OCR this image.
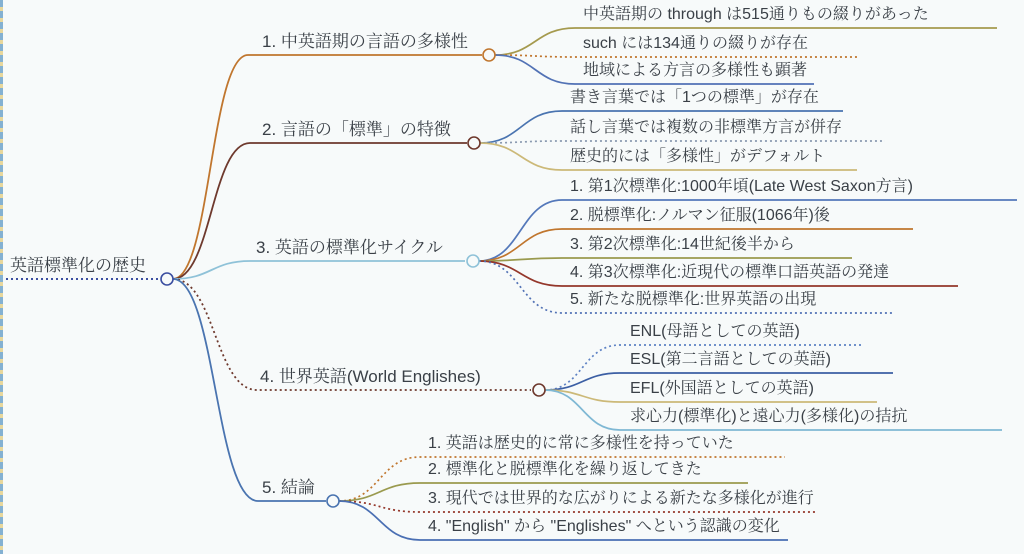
英語標準化の歴史
1. 中英語期の言語の多様性
中英語期の through は515通りもの綴りがあった
such には134通りの綴りが存在
地域による方言の多様性も顕著
2. 言語の「標準」の特徴
書き言葉では「1つの標準」が存在
話し言葉では複数の非標準方言が併存
歴史的には「多様性」がデフォルト
3. 英語の標準化サイクル
1. 第1次標準化:1000年頃(Late West Saxon方言)
2. 脱標準化:ノルマン征服(1066年)後
3. 第2次標準化:14世紀後半から
4. 第3次標準化:近現代の標準口語英語の発達
5. 新たな脱標準化:世界英語の出現
4. 世界英語(World Englishes)
ENL(母語としての英語)
ESL(第二言語としての英語)
EFL(外国語としての英語)
求心力(標準化)と遠心力(多様化)の拮抗
5. 結論
1. 英語は歴史的に常に多様性を持っていた
2. 標準化と脱標準化を繰り返してきた
3. 現代では世界的な広がりによる新たな多様化が進行
4. "English" から "Englishes" へという認識の変化
